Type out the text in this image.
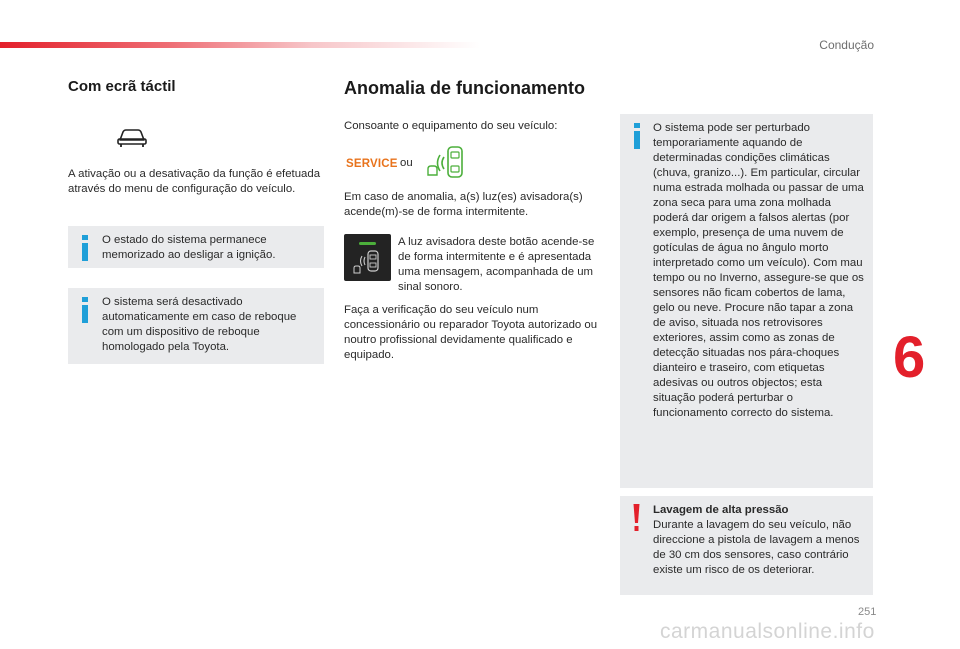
Condução
Com ecrã táctil
A ativação ou a desativação da função é efetuada através do menu de configuração do veículo.
O estado do sistema permanece memorizado ao desligar a ignição.
O sistema será desactivado automaticamente em caso de reboque com um dispositivo de reboque homologado pela Toyota.
Anomalia de funcionamento
Consoante o equipamento do seu veículo:
SERVICE ou
Em caso de anomalia, a(s) luz(es) avisadora(s) acende(m)-se de forma intermitente.
A luz avisadora deste botão acende-se de forma intermitente e é apresentada uma mensagem, acompanhada de um sinal sonoro.
Faça a verificação do seu veículo num concessionário ou reparador Toyota autorizado ou noutro profissional devidamente qualificado e equipado.
O sistema pode ser perturbado temporariamente aquando de determinadas condições climáticas (chuva, granizo...). Em particular, circular numa estrada molhada ou passar de uma zona seca para uma zona molhada poderá dar origem a falsos alertas (por exemplo, presença de uma nuvem de gotículas de água no ângulo morto interpretado como um veículo). Com mau tempo ou no Inverno, assegure-se que os sensores não ficam cobertos de lama, gelo ou neve. Procure não tapar a zona de aviso, situada nos retrovisores exteriores, assim como as zonas de detecção situadas nos pára-choques dianteiro e traseiro, com etiquetas adesivas ou outros objectos; esta situação poderá perturbar o funcionamento correcto do sistema.
Lavagem de alta pressão
Durante a lavagem do seu veículo, não direccione a pistola de lavagem a menos de 30 cm dos sensores, caso contrário existe um risco de os deteriorar.
6
251
carmanualsonline.info
